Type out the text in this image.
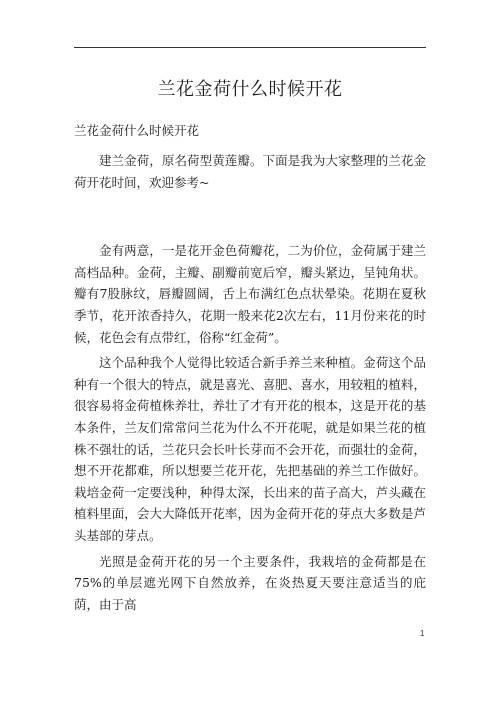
兰花金荷什么时候开花
兰花金荷什么时候开花

建兰金荷，原名荷型黄莲瓣。下面是我为大家整理的兰花金荷开花时间，欢迎参考~

金有两意，一是花开金色荷瓣花，二为价位，金荷属于建兰高档品种。金荷，主瓣、副瓣前宽后窄，瓣头紧边，呈钝角状。瓣有7股脉纹，唇瓣圆阔，舌上布满红色点状晕染。花期在夏秋季节，花开浓香持久，花期一般来花2次左右，11月份来花的时候，花色会有点带红，俗称“红金荷”。

这个品种我个人觉得比较适合新手养兰来种植。金荷这个品种有一个很大的特点，就是喜光、喜肥、喜水，用较粗的植料，很容易将金荷植株养壮，养壮了才有开花的根本，这是开花的基本条件，兰友们常常问兰花为什么不开花呢，就是如果兰花的植株不强壮的话，兰花只会长叶长芽而不会开花，而强壮的金荷，想不开花都难，所以想要兰花开花，先把基础的养兰工作做好。栽培金荷一定要浅种，种得太深，长出来的苗子高大，芦头藏在植料里面，会大大降低开花率，因为金荷开花的芽点大多数是芦头基部的芽点。

光照是金荷开花的另一个主要条件，我栽培的金荷都是在75%的单层遮光网下自然放养，在炎热夏天要注意适当的庇荫，由于高

1
